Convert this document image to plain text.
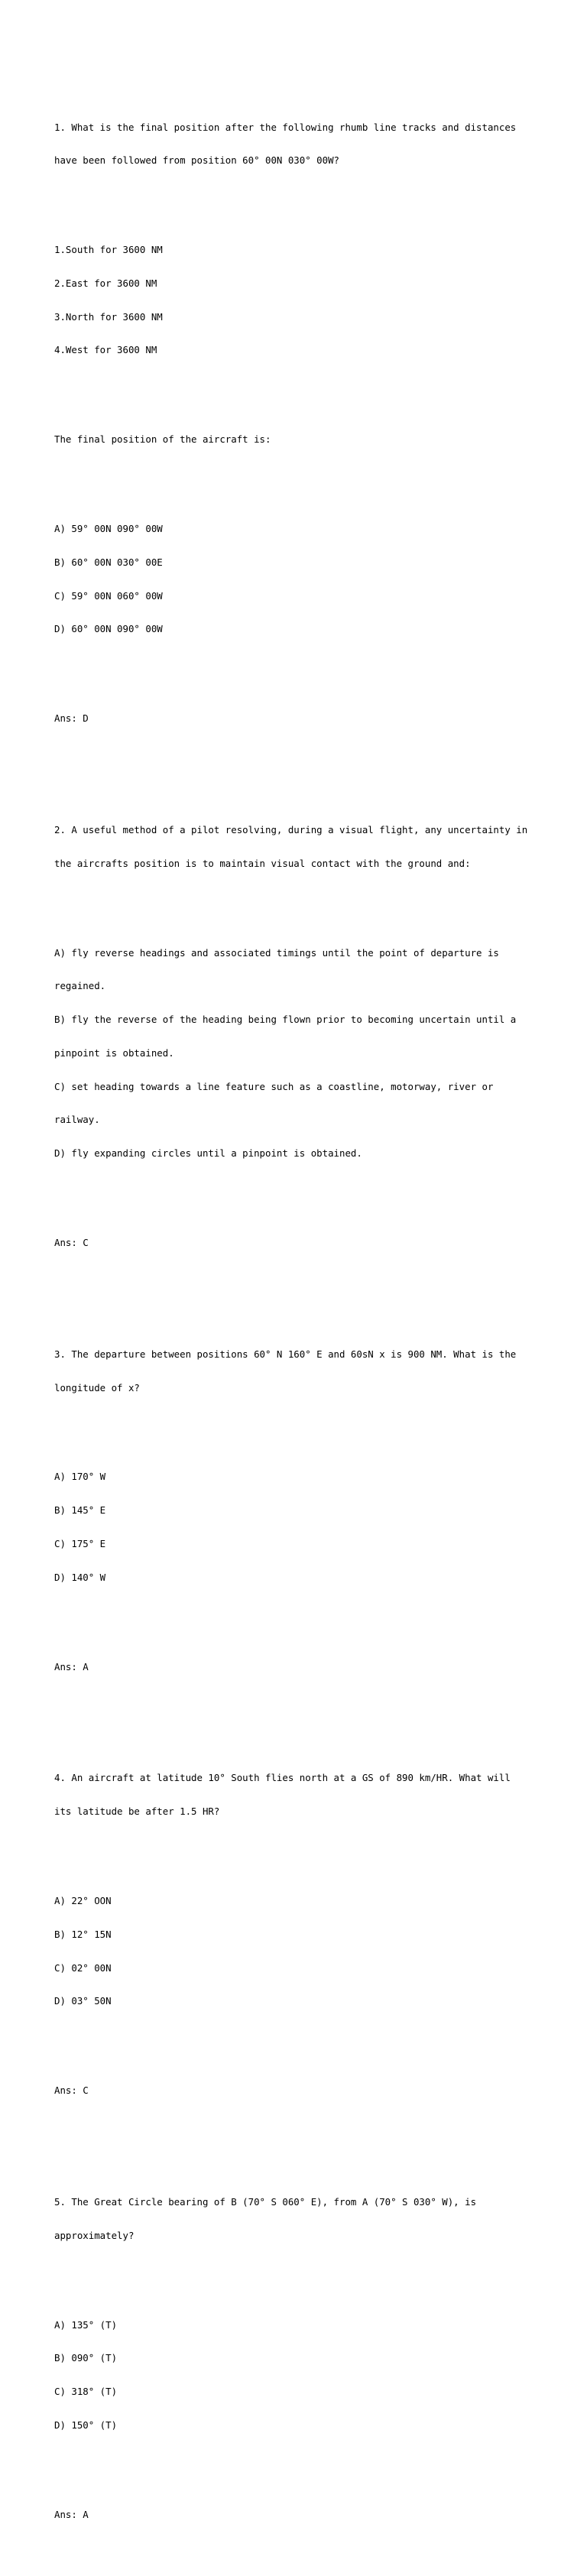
1. What is the final position after the following rhumb line tracks and distances

have been followed from position 60° 00N 030° 00W?

1.South for 3600 NM

2.East for 3600 NM

3.North for 3600 NM

4.West for 3600 NM

The final position of the aircraft is:

A) 59° 00N 090° 00W

B) 60° 00N 030° 00E

C) 59° 00N 060° 00W

D) 60° 00N 090° 00W

Ans: D

2. A useful method of a pilot resolving, during a visual flight, any uncertainty in

the aircrafts position is to maintain visual contact with the ground and:

A) fly reverse headings and associated timings until the point of departure is

regained.

B) fly the reverse of the heading being flown prior to becoming uncertain until a

pinpoint is obtained.

C) set heading towards a line feature such as a coastline, motorway, river or

railway.

D) fly expanding circles until a pinpoint is obtained.

Ans: C

3. The departure between positions 60° N 160° E and 60sN x is 900 NM. What is the

longitude of x?

A) 170° W

B) 145° E

C) 175° E

D) 140° W

Ans: A

4. An aircraft at latitude 10° South flies north at a GS of 890 km/HR. What will

its latitude be after 1.5 HR?

A) 22° OON

B) 12° 15N

C) 02° 00N

D) 03° 50N

Ans: C

5. The Great Circle bearing of B (70° S 060° E), from A (70° S 030° W), is

approximately?

A) 135° (T)

B) 090° (T)

C) 318° (T)

D) 150° (T)

Ans: A
